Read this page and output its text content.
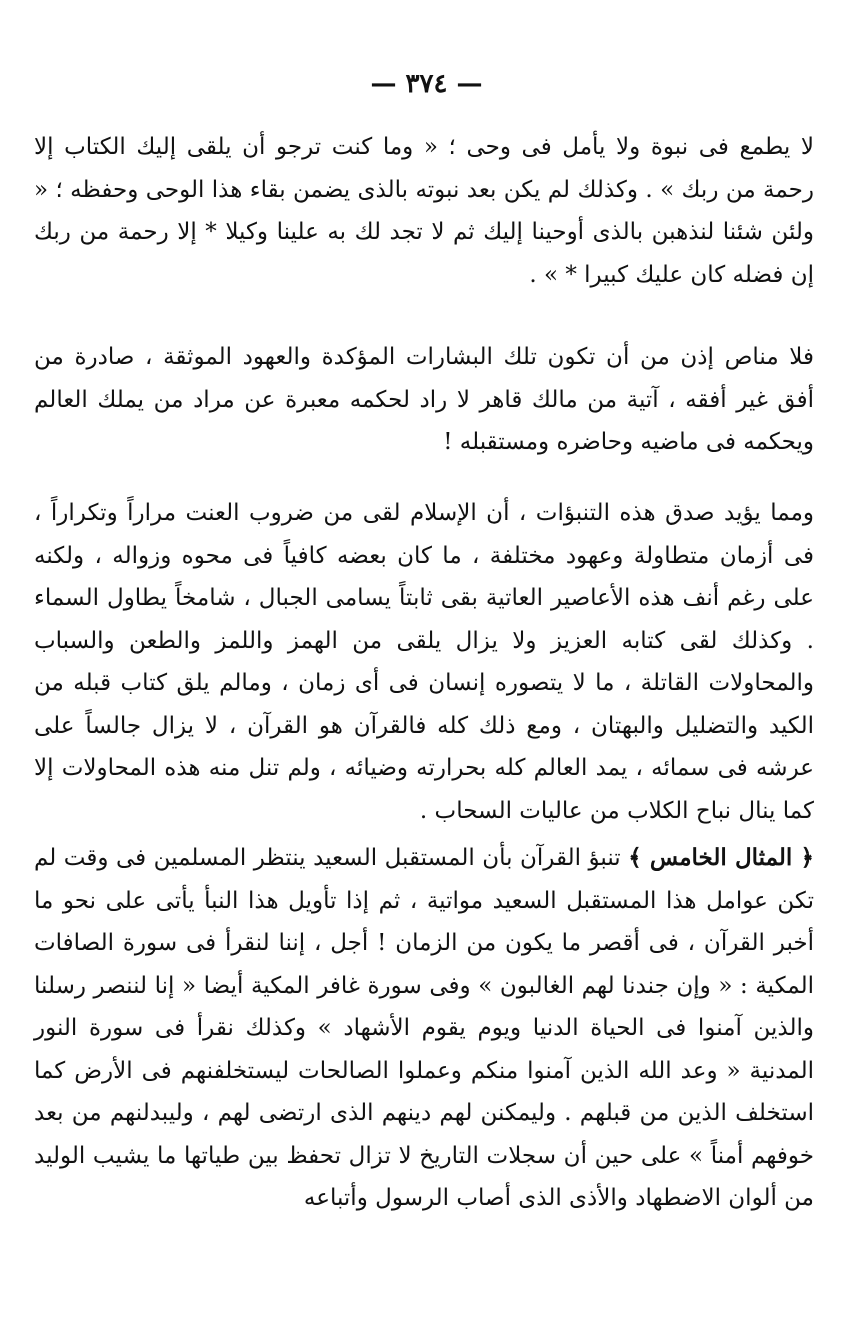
— ٣٧٤ —

لا يطمع فى نبوة ولا يأمل فى وحى ؛ « وما كنت ترجو أن يلقى إليك الكتاب إلا رحمة من ربك » . وكذلك لم يكن بعد نبوته بالذى يضمن بقاء هذا الوحى وحفظه ؛ « ولئن شئنا لنذهبن بالذى أوحينا إليك ثم لا تجد لك به علينا وكيلا * إلا رحمة من ربك إن فضله كان عليك كبيرا * » .

فلا مناص إذن من أن تكون تلك البشارات المؤكدة والعهود الموثقة ، صادرة من أفق غير أفقه ، آتية من مالك قاهر لا راد لحكمه معبرة عن مراد من يملك العالم ويحكمه فى ماضيه وحاضره ومستقبله !

ومما يؤيد صدق هذه التنبؤات ، أن الإسلام لقى من ضروب العنت مراراً وتكراراً ، فى أزمان متطاولة وعهود مختلفة ، ما كان بعضه كافياً فى محوه وزواله ، ولكنه على رغم أنف هذه الأعاصير العاتية بقى ثابتاً يسامى الجبال ، شامخاً يطاول السماء . وكذلك لقى كتابه العزيز ولا يزال يلقى من الهمز واللمز والطعن والسباب والمحاولات القاتلة ، ما لا يتصوره إنسان فى أى زمان ، ومالم يلق كتاب قبله من الكيد والتضليل والبهتان ، ومع ذلك كله فالقرآن هو القرآن ، لا يزال جالساً على عرشه فى سمائه ، يمد العالم كله بحرارته وضيائه ، ولم تنل منه هذه المحاولات إلا كما ينال نباح الكلاب من عاليات السحاب .

﴿ المثال الخامس ﴾ تنبؤ القرآن بأن المستقبل السعيد ينتظر المسلمين فى وقت لم تكن عوامل هذا المستقبل السعيد مواتية ، ثم إذا تأويل هذا النبأ يأتى على نحو ما أخبر القرآن ، فى أقصر ما يكون من الزمان ! أجل ، إننا لنقرأ فى سورة الصافات المكية : « وإن جندنا لهم الغالبون » وفى سورة غافر المكية أيضا « إنا لننصر رسلنا والذين آمنوا فى الحياة الدنيا ويوم يقوم الأشهاد » وكذلك نقرأ فى سورة النور المدنية « وعد الله الذين آمنوا منكم وعملوا الصالحات ليستخلفنهم فى الأرض كما استخلف الذين من قبلهم . وليمكنن لهم دينهم الذى ارتضى لهم ، وليبدلنهم من بعد خوفهم أمناً » على حين أن سجلات التاريخ لا تزال تحفظ بين طياتها ما يشيب الوليد من ألوان الاضطهاد والأذى الذى أصاب الرسول وأتباعه
